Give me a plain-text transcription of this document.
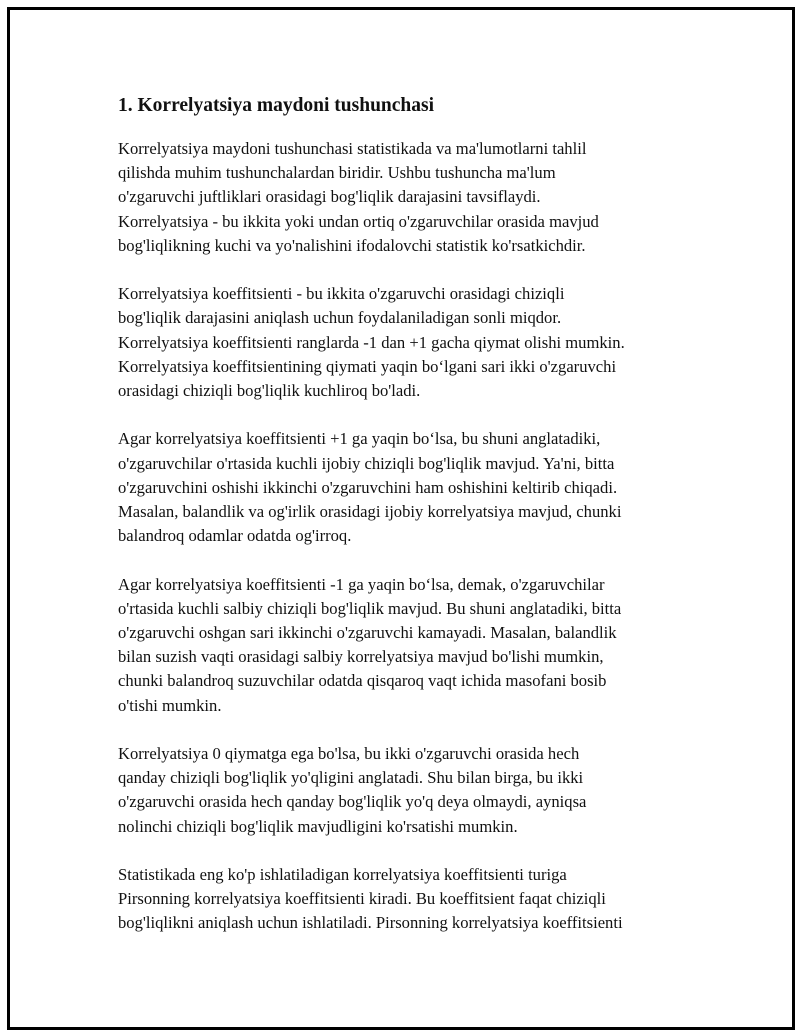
1. Korrelyatsiya maydoni tushunchasi

Korrelyatsiya maydoni tushunchasi statistikada va ma'lumotlarni tahlil
qilishda muhim tushunchalardan biridir. Ushbu tushuncha ma'lum
o'zgaruvchi juftliklari orasidagi bog'liqlik darajasini tavsiflaydi.
Korrelyatsiya - bu ikkita yoki undan ortiq o'zgaruvchilar orasida mavjud
bog'liqlikning kuchi va yo'nalishini ifodalovchi statistik ko'rsatkichdir.

Korrelyatsiya koeffitsienti - bu ikkita o'zgaruvchi orasidagi chiziqli
bog'liqlik darajasini aniqlash uchun foydalaniladigan sonli miqdor.
Korrelyatsiya koeffitsienti ranglarda -1 dan +1 gacha qiymat olishi mumkin.
Korrelyatsiya koeffitsientining qiymati yaqin bo‘lgani sari ikki o'zgaruvchi
orasidagi chiziqli bog'liqlik kuchliroq bo'ladi.

Agar korrelyatsiya koeffitsienti +1 ga yaqin bo‘lsa, bu shuni anglatadiki,
o'zgaruvchilar o'rtasida kuchli ijobiy chiziqli bog'liqlik mavjud. Ya'ni, bitta
o'zgaruvchini oshishi ikkinchi o'zgaruvchini ham oshishini keltirib chiqadi.
Masalan, balandlik va og'irlik orasidagi ijobiy korrelyatsiya mavjud, chunki
balandroq odamlar odatda og'irroq.

Agar korrelyatsiya koeffitsienti -1 ga yaqin bo‘lsa, demak, o'zgaruvchilar
o'rtasida kuchli salbiy chiziqli bog'liqlik mavjud. Bu shuni anglatadiki, bitta
o'zgaruvchi oshgan sari ikkinchi o'zgaruvchi kamayadi. Masalan, balandlik
bilan suzish vaqti orasidagi salbiy korrelyatsiya mavjud bo'lishi mumkin,
chunki balandroq suzuvchilar odatda qisqaroq vaqt ichida masofani bosib
o'tishi mumkin.

Korrelyatsiya 0 qiymatga ega bo'lsa, bu ikki o'zgaruvchi orasida hech
qanday chiziqli bog'liqlik yo'qligini anglatadi. Shu bilan birga, bu ikki
o'zgaruvchi orasida hech qanday bog'liqlik yo'q deya olmaydi, ayniqsa
nolinchi chiziqli bog'liqlik mavjudligini ko'rsatishi mumkin.

Statistikada eng ko'p ishlatiladigan korrelyatsiya koeffitsienti turiga
Pirsonning korrelyatsiya koeffitsienti kiradi. Bu koeffitsient faqat chiziqli
bog'liqlikni aniqlash uchun ishlatiladi. Pirsonning korrelyatsiya koeffitsienti
